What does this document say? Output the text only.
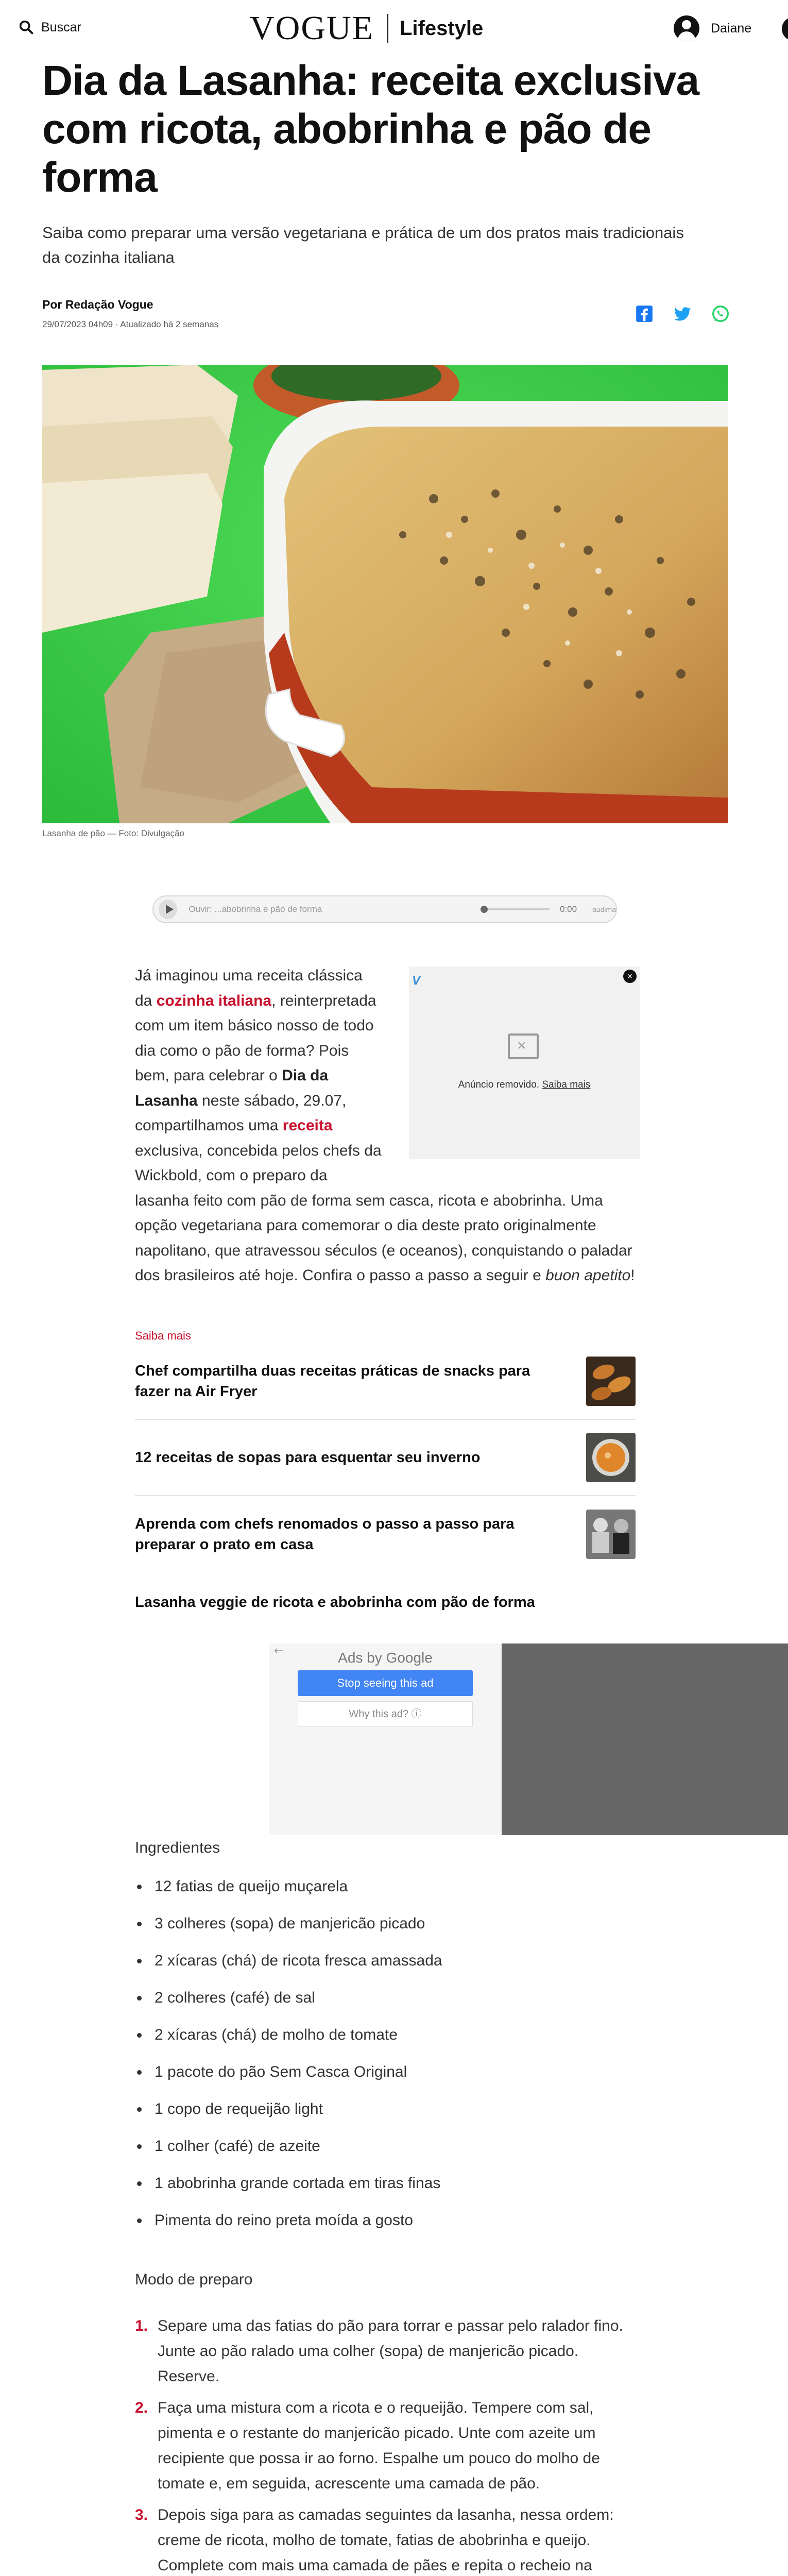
Buscar	VOGUE Lifestyle	Daiane
Dia da Lasanha: receita exclusiva com ricota, abobrinha e pão de forma

Saiba como preparar uma versão vegetariana e prática de um dos pratos mais tradicionais da cozinha italiana

Por Redação Vogue
29/07/2023 04h09 · Atualizado há 2 semanas
Lasanha de pão — Foto: Divulgação
Ouvir: ...abobrinha e pão de forma	0:00 audima
V	×
×
Anúncio removido. Saiba mais
Já imaginou uma receita clássica da cozinha italiana, reinterpretada com um item básico nosso de todo dia como o pão de forma? Pois bem, para celebrar o Dia da Lasanha neste sábado, 29.07, compartilhamos uma receita exclusiva, concebida pelos chefs da Wickbold, com o preparo da lasanha feito com pão de forma sem casca, ricota e abobrinha. Uma opção vegetariana para comemorar o dia deste prato originalmente napolitano, que atravessou séculos (e oceanos), conquistando o paladar dos brasileiros até hoje. Confira o passo a passo a seguir e buon apetito!
Saiba mais
Chef compartilha duas receitas práticas de snacks para fazer na Air Fryer
12 receitas de sopas para esquentar seu inverno
Aprenda com chefs renomados o passo a passo para preparar o prato em casa
Lasanha veggie de ricota e abobrinha com pão de forma
←	Ads by Google
Stop seeing this ad
Why this ad? ⓘ
Ingredientes
12 fatias de queijo muçarela
3 colheres (sopa) de manjericão picado
2 xícaras (chá) de ricota fresca amassada
2 colheres (café) de sal
2 xícaras (chá) de molho de tomate
1 pacote do pão Sem Casca Original
1 copo de requeijão light
1 colher (café) de azeite
1 abobrinha grande cortada em tiras finas
Pimenta do reino preta moída a gosto
Modo de preparo
1. Separe uma das fatias do pão para torrar e passar pelo ralador fino. Junte ao pão ralado uma colher (sopa) de manjericão picado. Reserve.
2. Faça uma mistura com a ricota e o requeijão. Tempere com sal, pimenta e o restante do manjericão picado. Unte com azeite um recipiente que possa ir ao forno. Espalhe um pouco do molho de tomate e, em seguida, acrescente uma camada de pão.
3. Depois siga para as camadas seguintes da lasanha, nessa ordem: creme de ricota, molho de tomate, fatias de abobrinha e queijo. Complete com mais uma camada de pães e repita o recheio na
